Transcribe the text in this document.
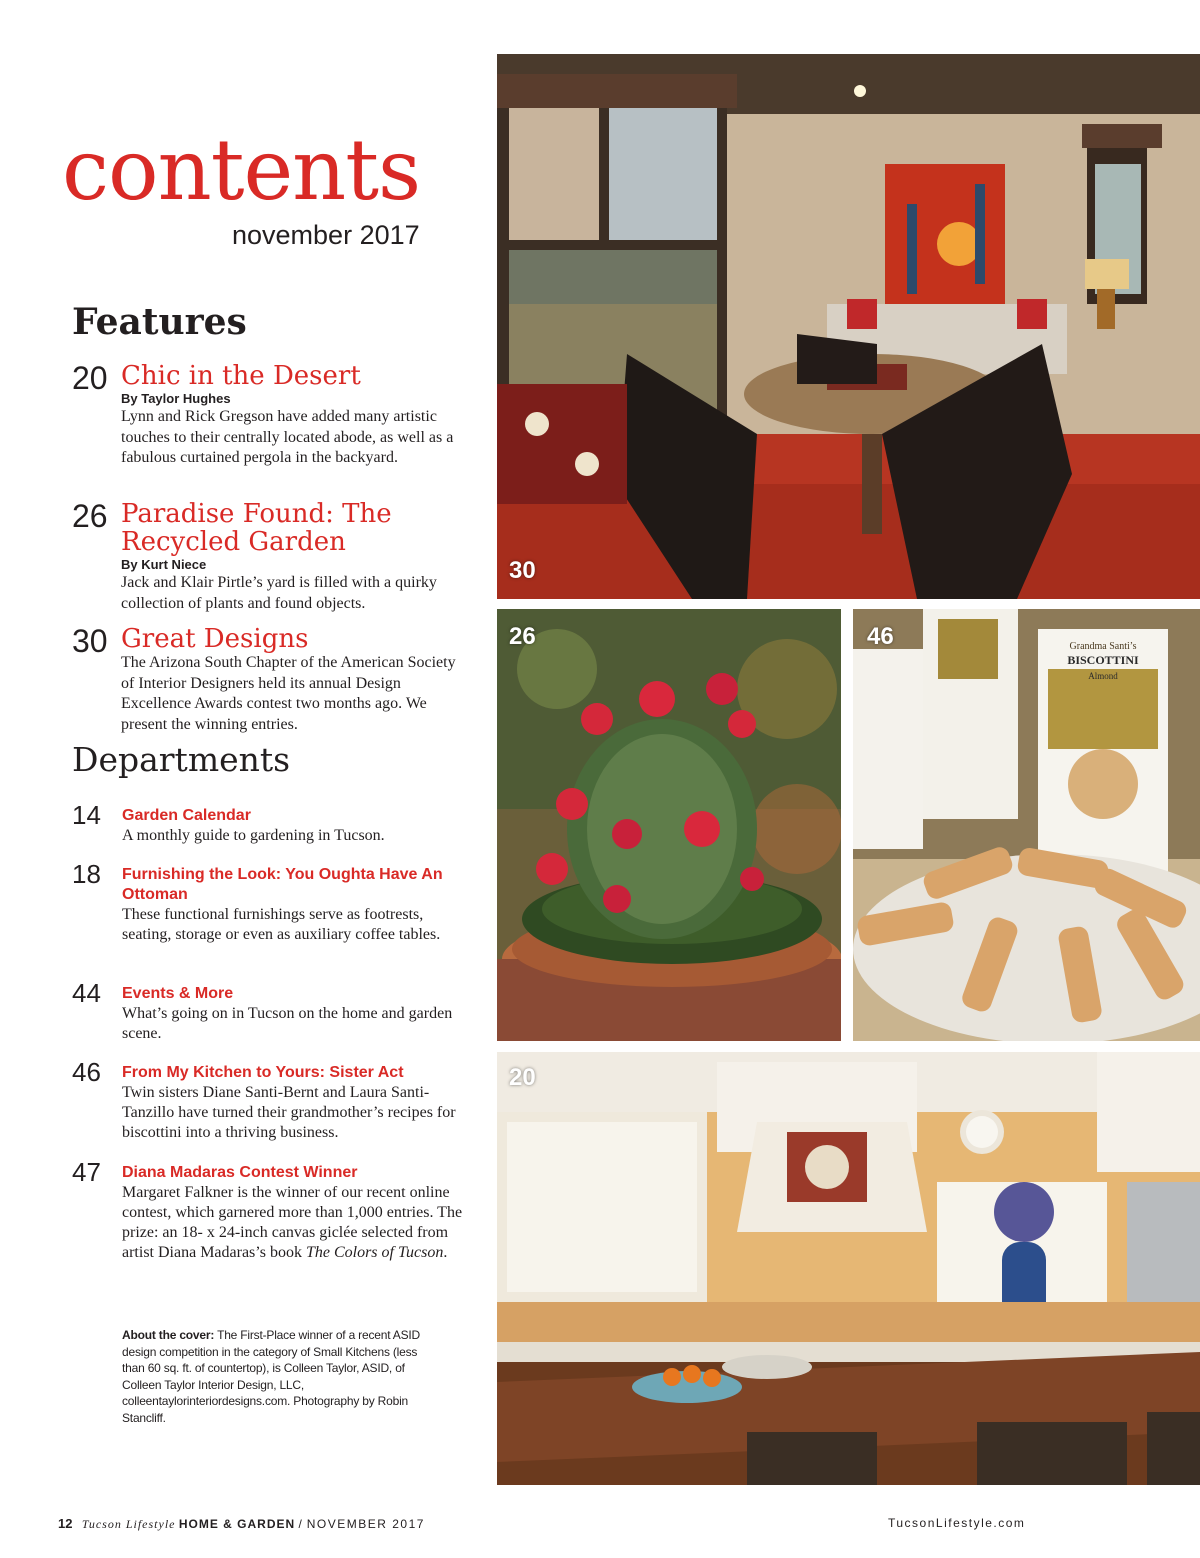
contents
november 2017
Features
20 Chic in the Desert
By Taylor Hughes
Lynn and Rick Gregson have added many artistic touches to their centrally located abode, as well as a fabulous curtained pergola in the backyard.
26 Paradise Found: The Recycled Garden
By Kurt Niece
Jack and Klair Pirtle’s yard is filled with a quirky collection of plants and found objects.
30 Great Designs
The Arizona South Chapter of the American Society of Interior Designers held its annual Design Excellence Awards contest two months ago. We present the winning entries.
Departments
14 Garden Calendar
A monthly guide to gardening in Tucson.
18 Furnishing the Look: You Oughta Have An Ottoman
These functional furnishings serve as footrests, seating, storage or even as auxiliary coffee tables.
44 Events & More
What’s going on in Tucson on the home and garden scene.
46 From My Kitchen to Yours: Sister Act
Twin sisters Diane Santi-Bernt and Laura Santi-Tanzillo have turned their grandmother’s recipes for biscottini into a thriving business.
47 Diana Madaras Contest Winner
Margaret Falkner is the winner of our recent online contest, which garnered more than 1,000 entries. The prize: an 18- x 24-inch canvas giclée selected from artist Diana Madaras’s book The Colors of Tucson.
About the cover: The First-Place winner of a recent ASID design competition in the category of Small Kitchens (less than 60 sq. ft. of countertop), is Colleen Taylor, ASID, of Colleen Taylor Interior Design, LLC, colleentaylorinteriordesigns.com. Photography by Robin Stancliff.
30
26	Grandma Santi’s
BISCOTTINI
Almond
46
20
12 Tucson Lifestyle HOME & GARDEN / NOVEMBER 2017	TucsonLifestyle.com
